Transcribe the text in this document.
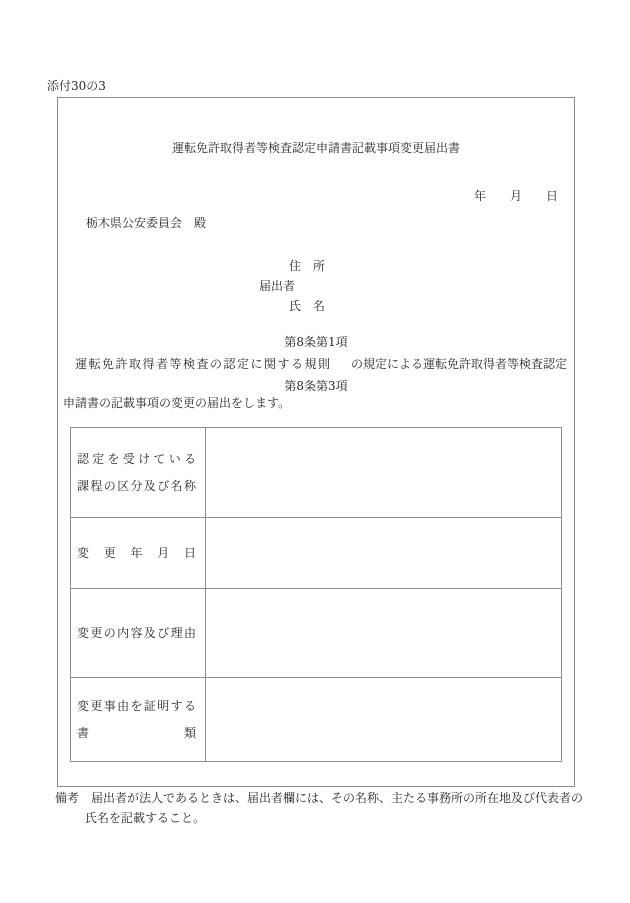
添付30の3
運転免許取得者等検査認定申請書記載事項変更届出書
年　　月　　日
栃木県公安委員会　殿
住　所
届出者
氏　名
第8条第1項
運転免許取得者等検査の認定に関する規則 の規定による運転免許取得者等検査認定
第8条第3項
申請書の記載事項の変更の届出をします。
認定を受けている
課程の区分及び名称
変更年月日
変更の内容及び理由
変更事由を証明する
書類
備考 届出者が法人であるときは、届出者欄には、その名称、主たる事務所の所在地及び代表者の
氏名を記載すること。
